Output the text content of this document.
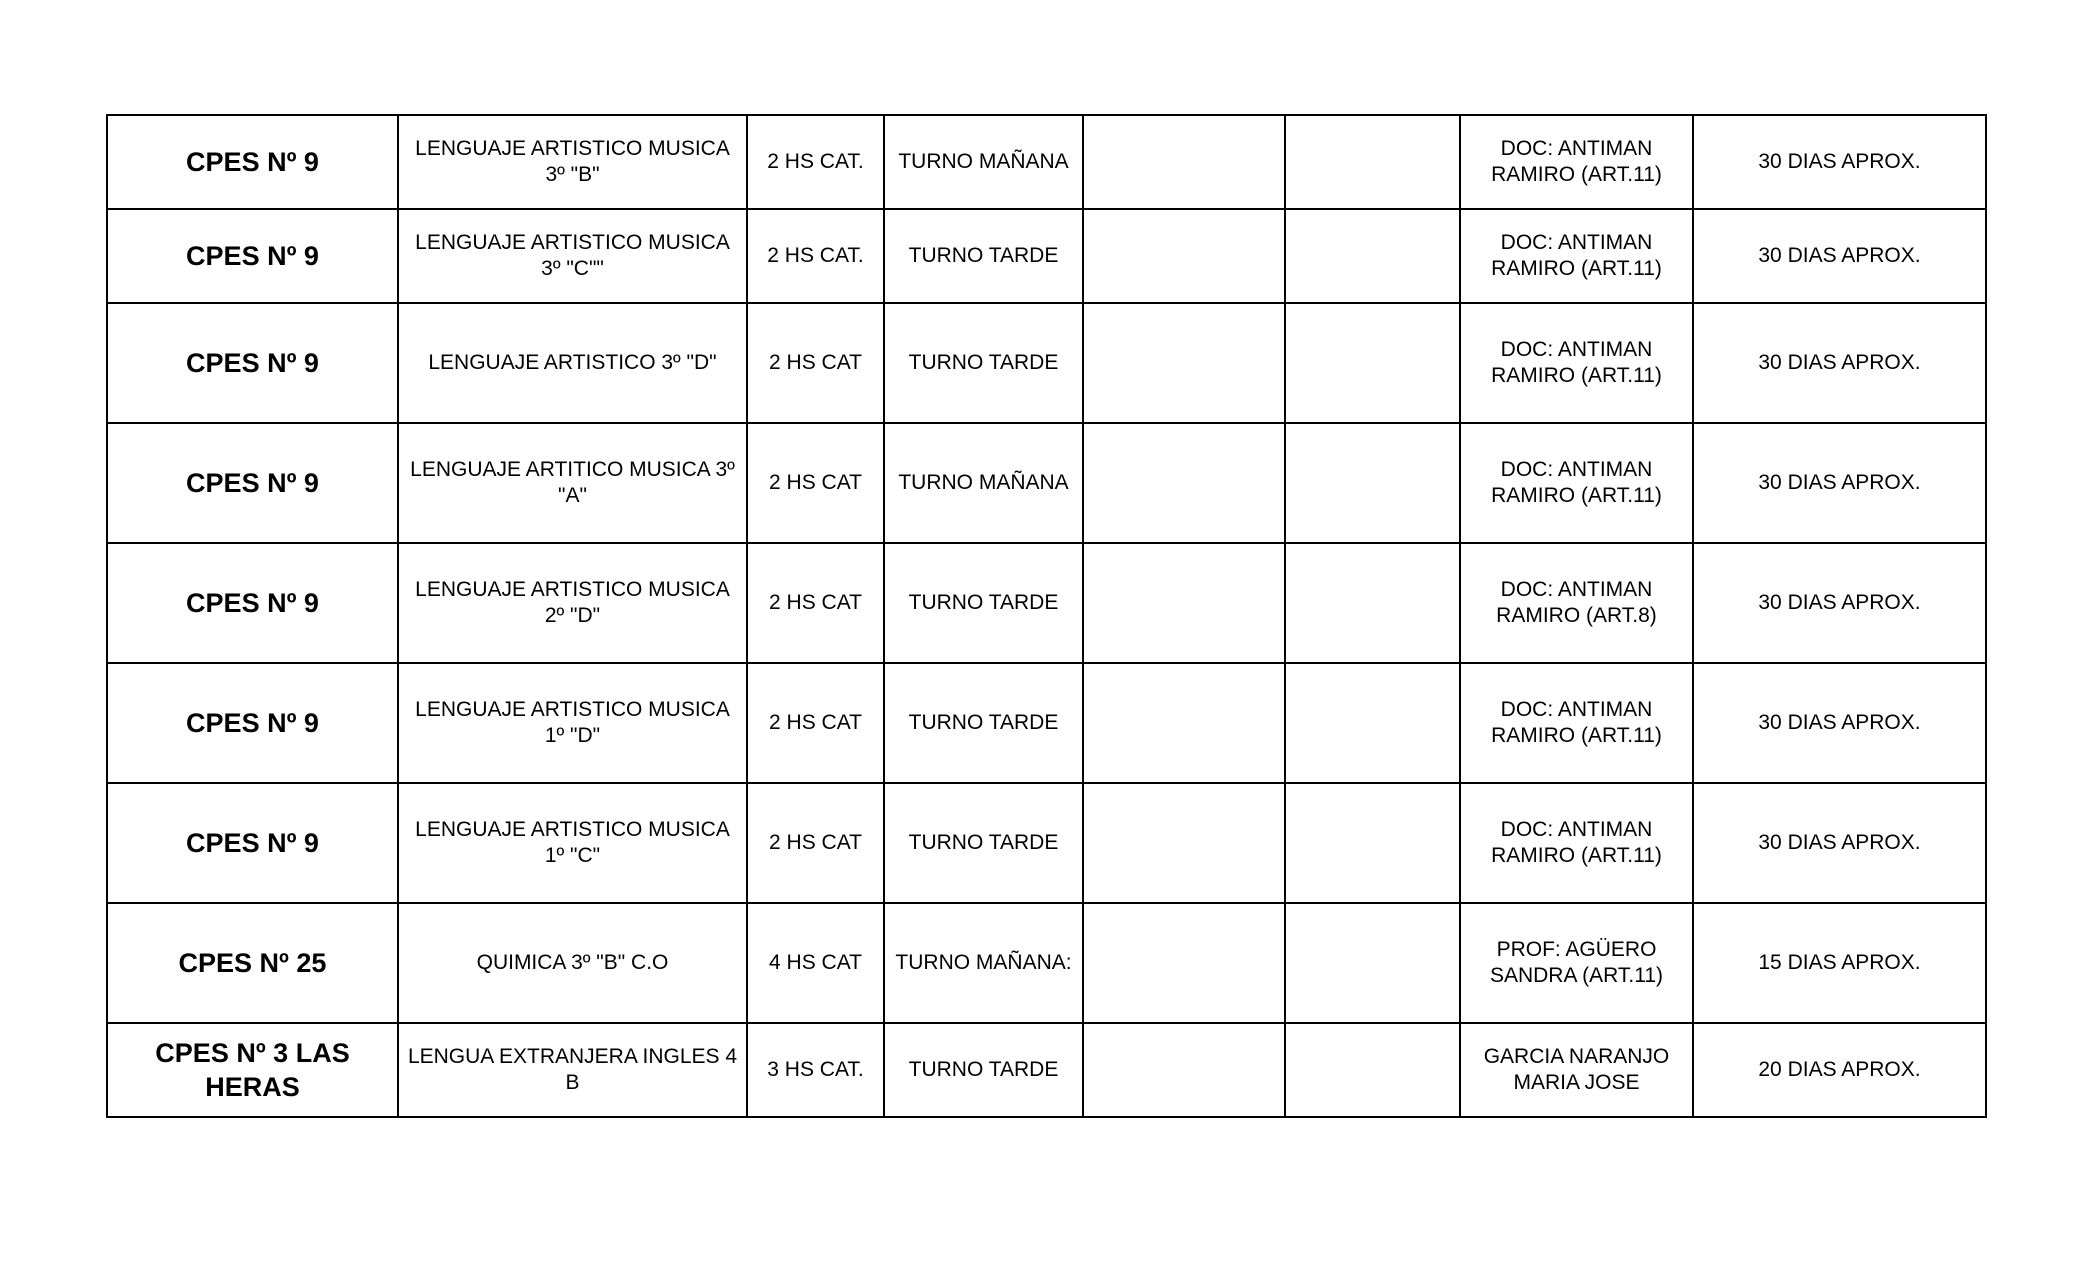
CPES Nº 9	LENGUAJE ARTISTICO MUSICA 3º "B"	2 HS CAT.	TURNO MAÑANA			DOC: ANTIMAN RAMIRO (ART.11)	30 DIAS APROX.
CPES Nº 9	LENGUAJE ARTISTICO MUSICA 3º "C""	2 HS CAT.	TURNO TARDE			DOC: ANTIMAN RAMIRO (ART.11)	30 DIAS APROX.
CPES Nº 9	LENGUAJE ARTISTICO 3º "D"	2 HS CAT	TURNO TARDE			DOC: ANTIMAN RAMIRO (ART.11)	30 DIAS APROX.
CPES Nº 9	LENGUAJE ARTITICO MUSICA 3º "A"	2 HS CAT	TURNO MAÑANA			DOC: ANTIMAN RAMIRO (ART.11)	30 DIAS APROX.
CPES Nº 9	LENGUAJE ARTISTICO MUSICA 2º "D"	2 HS CAT	TURNO TARDE			DOC: ANTIMAN RAMIRO (ART.8)	30 DIAS APROX.
CPES Nº 9	LENGUAJE ARTISTICO MUSICA 1º "D"	2 HS CAT	TURNO TARDE			DOC: ANTIMAN RAMIRO (ART.11)	30 DIAS APROX.
CPES Nº 9	LENGUAJE ARTISTICO MUSICA 1º "C"	2 HS CAT	TURNO TARDE			DOC: ANTIMAN RAMIRO (ART.11)	30 DIAS APROX.
CPES Nº 25	QUIMICA 3º "B" C.O	4 HS CAT	TURNO MAÑANA:			PROF: AGÜERO SANDRA (ART.11)	15 DIAS APROX.
CPES Nº 3 LAS HERAS	LENGUA EXTRANJERA INGLES 4 B	3 HS CAT.	TURNO TARDE			GARCIA NARANJO MARIA JOSE	20 DIAS APROX.
